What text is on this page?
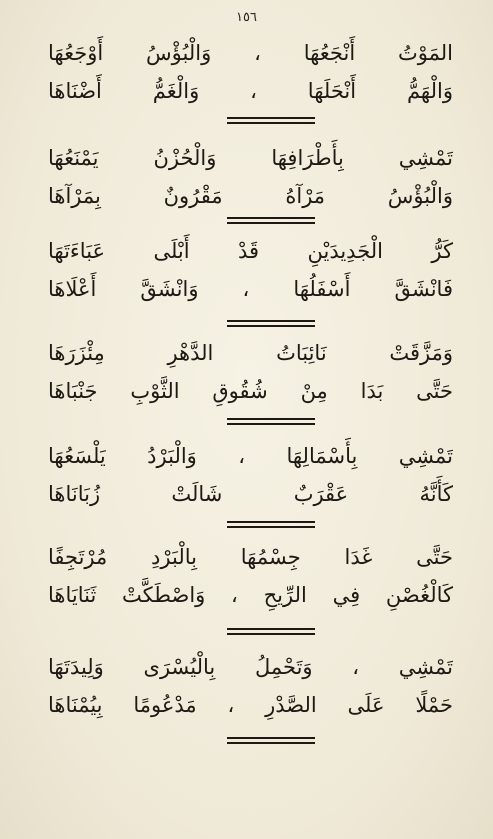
١٥٦
المَوْتُ أَنْجَعُهَا ، وَالْبُؤْسُ أَوْجَعُهَا
وَالْهَمُّ أَنْحَلَهَا ، وَالْغَمُّ أَضْنَاهَا
تَمْشِي بِأَطْرَافِهَا وَالْحُزْنُ يَمْنَعُهَا
وَالْبُؤْسُ مَرْآهُ مَقْرُونٌ بِمَرْآهَا
كَرُّ الْجَدِيدَيْنِ قَدْ أَبْلَى عَبَاءَتَهَا
فَانْشَقَّ أَسْفَلُهَا ، وَانْشَقَّ أَعْلَاهَا
وَمَزَّقَتْ نَائِبَاتُ الدَّهْرِ مِئْزَرَهَا
حَتَّى بَدَا مِنْ شُقُوقِ الثَّوْبِ جَنْبَاهَا
تَمْشِي بِأَسْمَالِهَا ، وَالْبَرْدُ يَلْسَعُهَا
كَأَنَّهُ عَقْرَبٌ شَالَتْ زُبَانَاهَا
حَتَّى غَدَا جِسْمُهَا بِالْبَرْدِ مُرْتَجِفًا
كَالْغُصْنِ فِي الرِّيحِ ، وَاصْطَكَّتْ ثَنَايَاهَا
تَمْشِي ، وَتَحْمِلُ بِالْيُسْرَى وَلِيدَتَهَا
حَمْلًا عَلَى الصَّدْرِ ، مَدْعُومًا بِيُمْنَاهَا
